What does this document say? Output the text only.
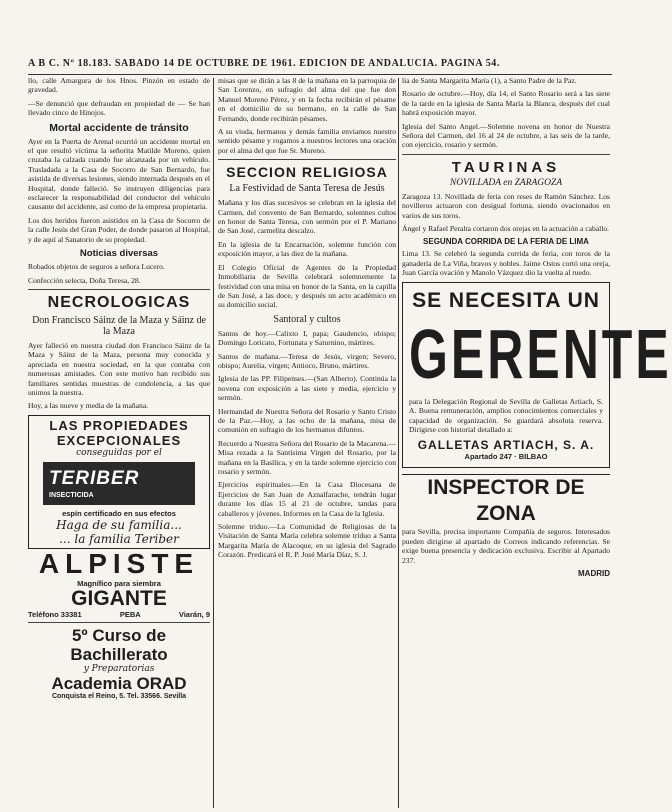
A B C. Nº 18.183. SABADO 14 DE OCTUBRE DE 1961. EDICION DE ANDALUCIA. PAGINA 54.

llo, calle Amargura de los Hnos. Pinzón en estado de gravedad.

—Se denunció que defraudan en propiedad de — Se han llevado cinco de Hinojos.

Mortal accidente de tránsito

Ayer en la Puerta de Arenal ocurrió un accidente mortal en el que resultó víctima la señorita Matilde Moreno, quien cruzaba la calzada cuando fue alcanzada por un vehículo. Trasladada a la Casa de Socorro de San Bernardo, fue asistida de diversas lesiones, siendo internada después en el Hospital, donde falleció. Se instruyen diligencias para esclarecer la responsabilidad del conductor del vehículo causante del accidente, así como de la empresa propietaria.

Los dos heridos fueron asistidos en la Casa de Socorro de la calle Jesús del Gran Poder, de donde pasaron al Hospital, y de aquí al Sanatorio de su propiedad.

Noticias diversas

Robados objetos de seguros a señora Lucero.

Confección selecta, Doña Teresa, 28.

NECROLOGICAS
Don Francisco Sáinz de la Maza y Sáinz de la Maza

Ayer falleció en nuestra ciudad don Francisco Sáinz de la Maza y Sáinz de la Maza, persona muy conocida y apreciada en nuestra sociedad, en la que contaba con numerosas amistades. Con este motivo han recibido sus familiares sentidas muestras de condolencia, a las que unimos la nuestra.

Hoy, a las nueve y media de la mañana.

LAS PROPIEDADES
EXCEPCIONALES
conseguidas por el
TERIBER
INSECTICIDA
espín certificado en sus efectos
Haga de su familia...
... la familia Teriber
ALPISTE
Magnífico para siembra
GIGANTE
Teléfono 33381	PEBA	Viarán, 9
5º Curso de Bachillerato
y Preparatorias
Academia ORAD
Conquista el Reino, 5. Tel. 33566. Sevilla

misas que se dirán a las 8 de la mañana en la parroquia de San Lorenzo, en sufragio del alma del que fue don Manuel Moreno Pérez, y en la fecha recibirán el pésame en el domicilio de su hermano, en la calle de San Fernando, donde recibirán pésames.

A su viuda, hermanos y demás familia enviamos nuestro sentido pésame y rogamos a nuestros lectores una oración por el alma del que fue Sr. Moreno.

SECCION RELIGIOSA
La Festividad de Santa Teresa de Jesús

Mañana y los días sucesivos se celebran en la iglesia del Carmen, del convento de San Bernardo, solemnes cultos en honor de Santa Teresa, con sermón por el P. Mariano de San José, carmelita descalzo.

En la iglesia de la Encarnación, solemne función con exposición mayor, a las diez de la mañana.

El Colegio Oficial de Agentes de la Propiedad Inmobiliaria de Sevilla celebrará solemnemente la festividad con una misa en honor de la Santa, en la capilla de San José, a las doce, y después un acto académico en su domicilio social.

Santoral y cultos

Santos de hoy.—Calixto I, papa; Gaudencio, obispo; Domingo Loricato, Fortunata y Saturnino, mártires.

Santos de mañana.—Teresa de Jesús, virgen; Severo, obispo; Aurelia, virgen; Antioco, Bruno, mártires.

Iglesia de las PP. Filipenses.—(San Alberto). Continúa la novena con exposición a las siete y media, ejercicio y sermón.

Hermandad de Nuestra Señora del Rosario y Santo Cristo de la Paz.—Hoy, a las ocho de la mañana, misa de comunión en sufragio de los hermanos difuntos.

Recuerdo a Nuestra Señora del Rosario de la Macarena.—Misa rezada a la Santísima Virgen del Rosario, por la mañana en la Basílica, y en la tarde solemne ejercicio con rosario y sermón.

Ejercicios espirituales.—En la Casa Diocesana de Ejercicios de San Juan de Aznalfarache, tendrán lugar durante los días 15 al 21 de octubre, tandas para caballeros y jóvenes. Informes en la Casa de la Iglesia.

Solemne triduo.—La Comunidad de Religiosas de la Visitación de Santa María celebra solemne triduo a Santa Margarita María de Alacoque, en su iglesia del Sagrado Corazón. Predicará el R. P. José María Díaz, S. J.

lia de Santa Margarita María (1), a Santo Padre de la Paz.

Rosario de octubre.—Hoy, día 14, el Santo Rosario será a las siete de la tarde en la iglesia de Santa María la Blanca, después del cual habrá exposición mayor.

Iglesia del Santo Angel.—Solemne novena en honor de Nuestra Señora del Carmen, del 16 al 24 de octubre, a las seis de la tarde, con ejercicio, rosario y sermón.

TAURINAS
NOVILLADA en ZARAGOZA

Zaragoza 13. Novillada de feria con reses de Ramón Sánchez. Los novilleros actuaron con desigual fortuna, siendo ovacionados en varios de sus toros.

Ángel y Rafael Peralta cortaron dos orejas en la actuación a caballo.

SEGUNDA CORRIDA DE LA FERIA DE LIMA

Lima 13. Se celebró la segunda corrida de feria, con toros de la ganadería de La Viña, bravos y nobles. Jaime Ostos cortó una oreja, Juan García ovación y Manolo Vázquez dio la vuelta al ruedo.

SE NECESITA UN
GERENTE

para la Delegación Regional de Sevilla de Galletas Artiach, S. A. Buena remuneración, amplios conocimientos comerciales y capacidad de organización. Se guardará absoluta reserva. Dirigirse con historial detallado a:

GALLETAS ARTIACH, S. A.
Apartado 247 · BILBAO
INSPECTOR DE ZONA

para Sevilla, precisa importante Compañía de seguros. Interesados pueden dirigirse al apartado de Correos indicando referencias. Se exige buena presencia y dedicación exclusiva. Escribir al Apartado 237.

MADRID
